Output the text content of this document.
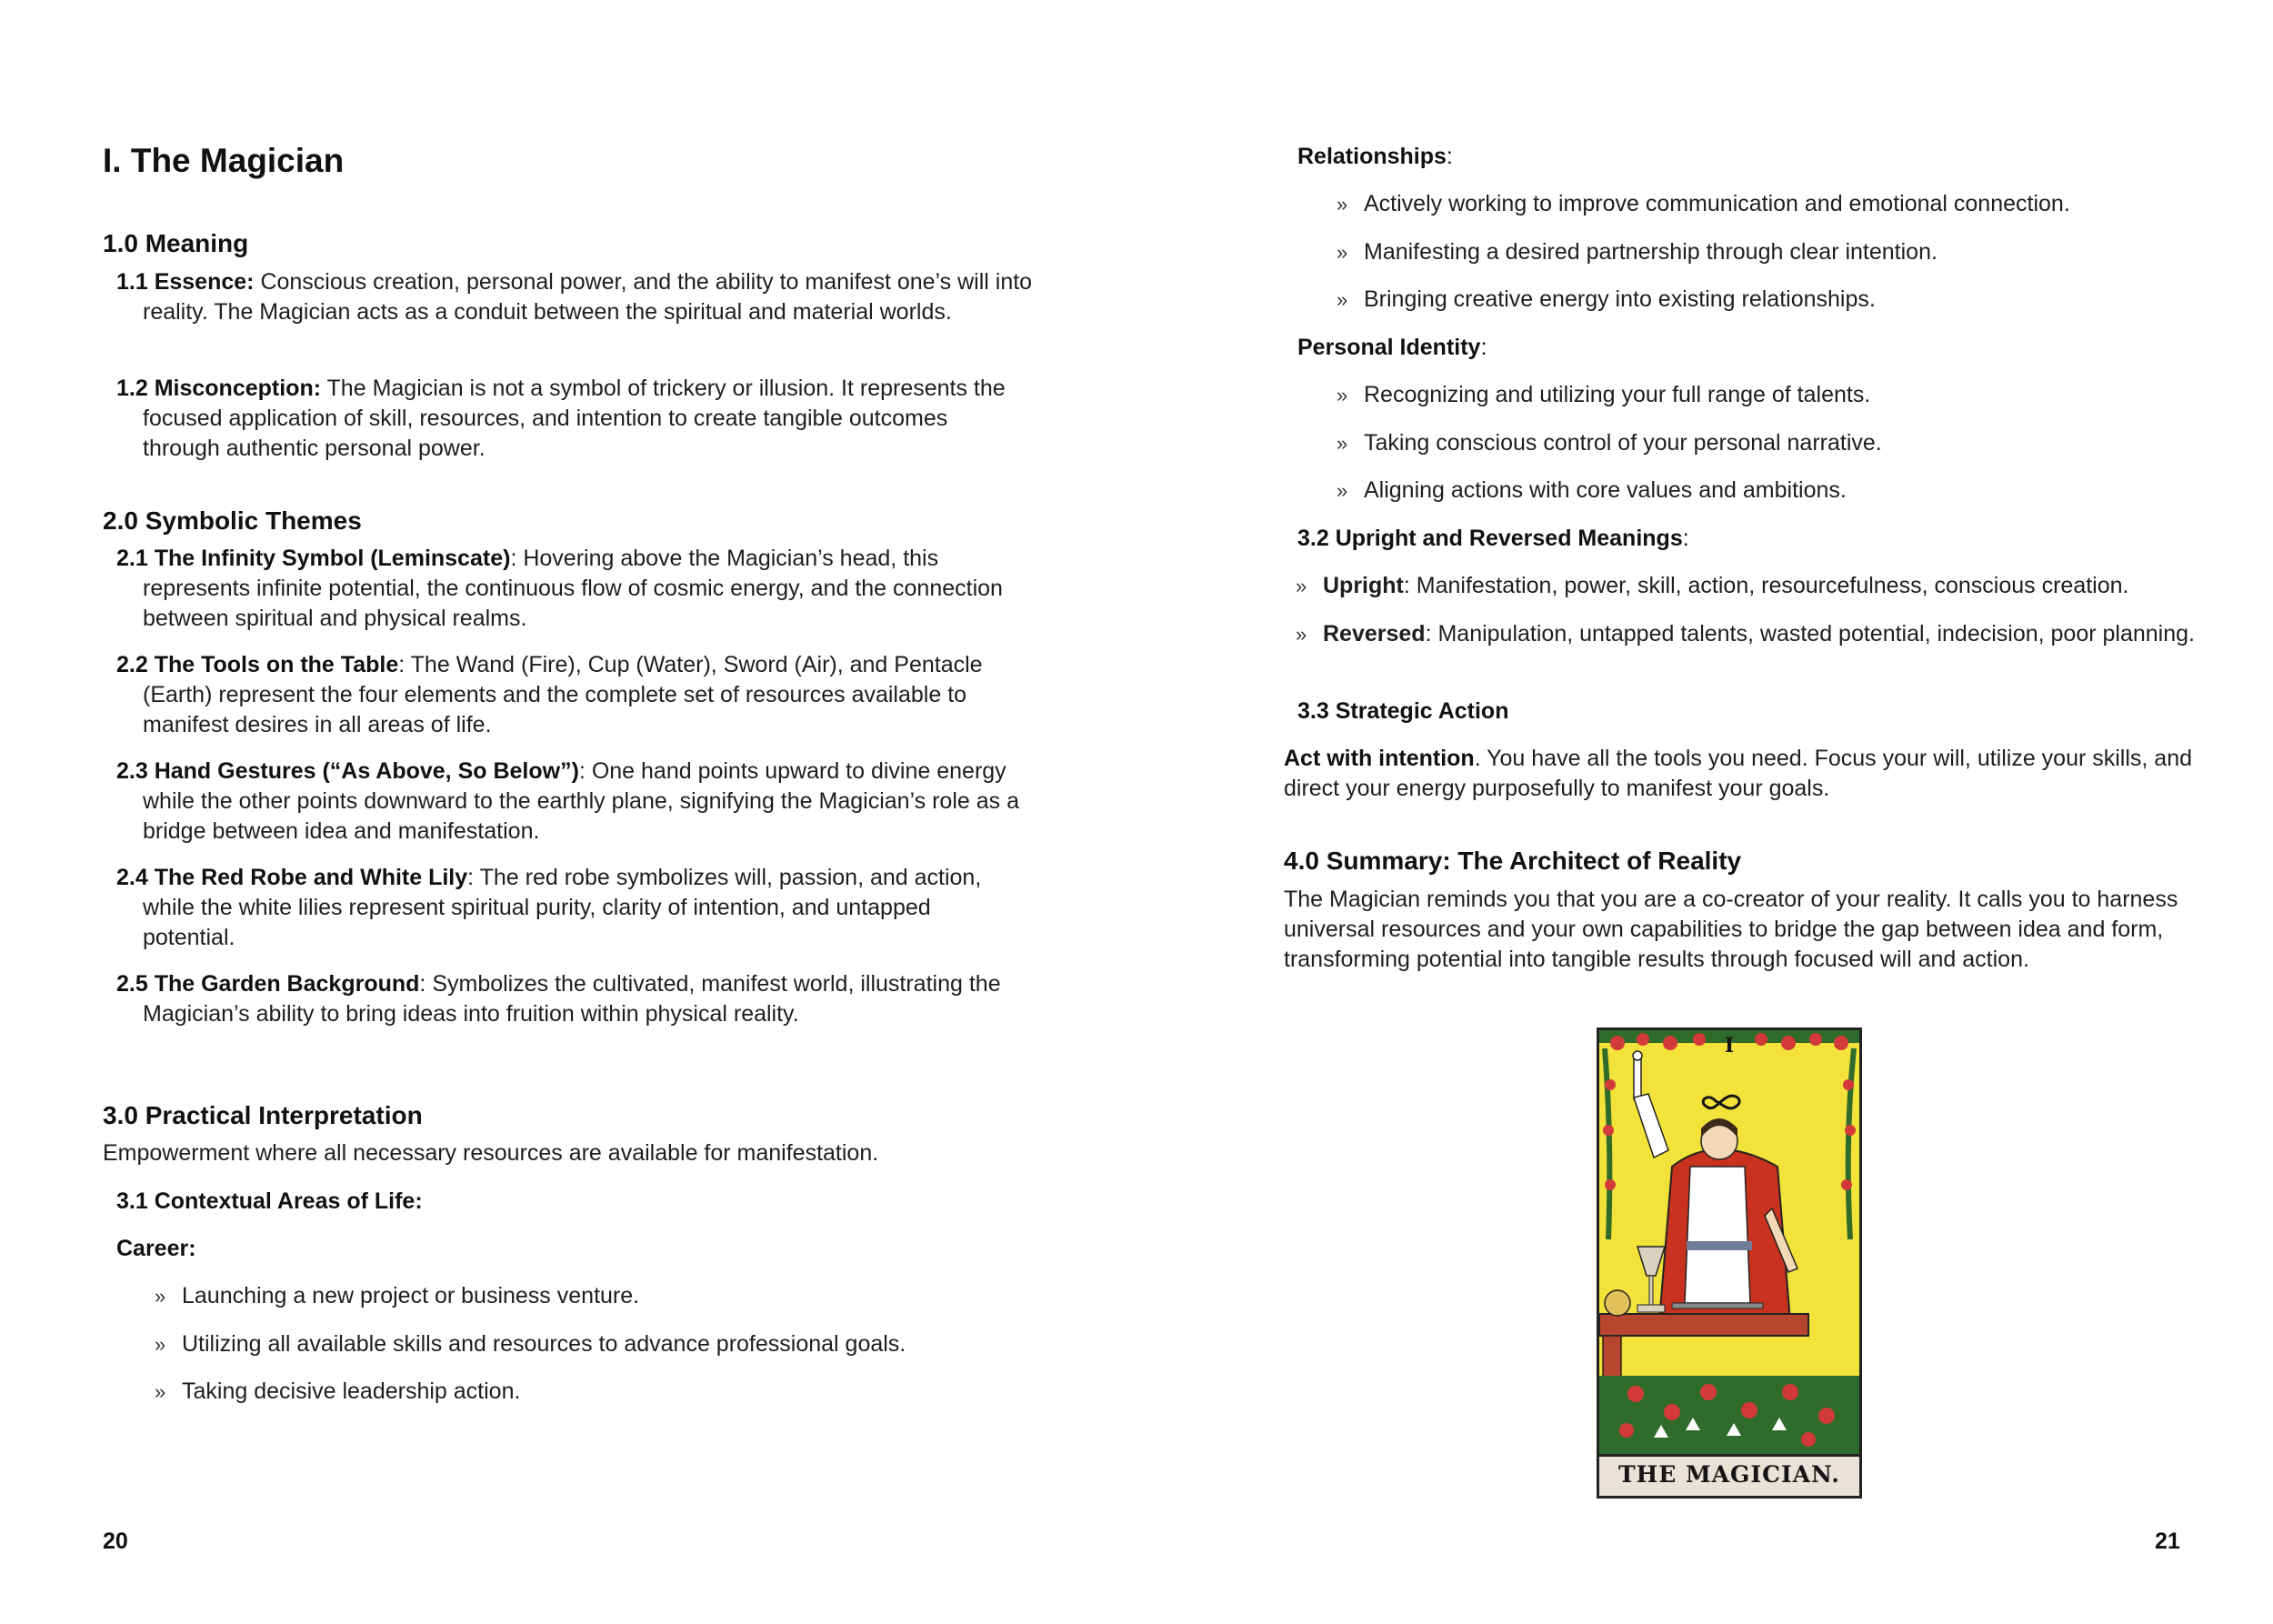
I. The Magician
1.0 Meaning

1.1 Essence: Conscious creation, personal power, and the ability to manifest one’s will into reality. The Magician acts as a conduit between the spiritual and material worlds.

1.2 Misconception: The Magician is not a symbol of trickery or illusion. It represents the focused application of skill, resources, and intention to create tangible outcomes through authentic personal power.

2.0 Symbolic Themes

2.1 The Infinity Symbol (Leminscate): Hovering above the Magician’s head, this represents infinite potential, the continuous flow of cosmic energy, and the connection between spiritual and physical realms.

2.2 The Tools on the Table: The Wand (Fire), Cup (Water), Sword (Air), and Pentacle (Earth) represent the four elements and the complete set of resources available to manifest desires in all areas of life.

2.3 Hand Gestures (“As Above, So Below”): One hand points upward to divine energy while the other points downward to the earthly plane, signifying the Magician’s role as a bridge between idea and manifestation.

2.4 The Red Robe and White Lily: The red robe symbolizes will, passion, and action, while the white lilies represent spiritual purity, clarity of intention, and untapped potential.

2.5 The Garden Background: Symbolizes the cultivated, manifest world, illustrating the Magician’s ability to bring ideas into fruition within physical reality.

3.0 Practical Interpretation

Empowerment where all necessary resources are available for manifestation.

3.1 Contextual Areas of Life:
Career:
» Launching a new project or business venture.
» Utilizing all available skills and resources to advance professional goals.
» Taking decisive leadership action.
20
Relationships:
» Actively working to improve communication and emotional connection.
» Manifesting a desired partnership through clear intention.
» Bringing creative energy into existing relationships.
Personal Identity:
» Recognizing and utilizing your full range of talents.
» Taking conscious control of your personal narrative.
» Aligning actions with core values and ambitions.
3.2 Upright and Reversed Meanings:
» Upright: Manifestation, power, skill, action, resourcefulness, conscious creation.
» Reversed: Manipulation, untapped talents, wasted potential, indecision, poor planning.
3.3 Strategic Action

Act with intention. You have all the tools you need. Focus your will, utilize your skills, and direct your energy purposefully to manifest your goals.

4.0 Summary: The Architect of Reality

The Magician reminds you that you are a co-creator of your reality. It calls you to harness universal resources and your own capabilities to bridge the gap between idea and form, transforming potential into tangible results through focused will and action.

21
I
THE MAGICIAN.
